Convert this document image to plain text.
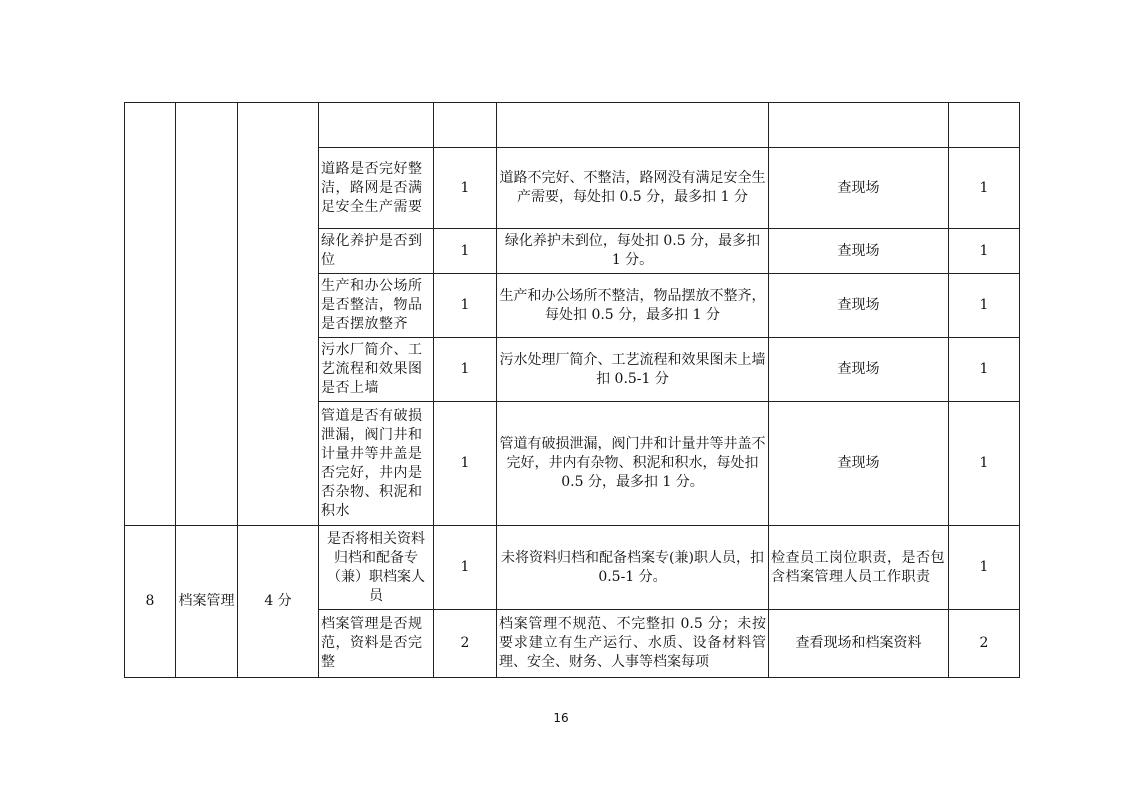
			道路是否完好整洁，路网是否满足安全生产需要	1	道路不完好、不整洁，路网没有满足安全生产需要，每处扣 0.5 分，最多扣 1 分	查现场	1
			绿化养护是否到位	1	绿化养护未到位，每处扣 0.5 分，最多扣 1 分。	查现场	1
			生产和办公场所是否整洁，物品是否摆放整齐	1	生产和办公场所不整洁，物品摆放不整齐，每处扣 0.5 分，最多扣 1 分	查现场	1
			污水厂简介、工艺流程和效果图是否上墙	1	污水处理厂简介、工艺流程和效果图未上墙扣 0.5-1 分	查现场	1
			管道是否有破损泄漏，阀门井和计量井等井盖是否完好，井内是否杂物、积泥和积水	1	管道有破损泄漏，阀门井和计量井等井盖不完好，井内有杂物、积泥和积水，每处扣 0.5 分，最多扣 1 分。	查现场	1
8	档案管理	4 分	是否将相关资料归档和配备专（兼）职档案人员	1	未将资料归档和配备档案专(兼)职人员，扣 0.5-1 分。	检查员工岗位职责，是否包含档案管理人员工作职责	1
			档案管理是否规范，资料是否完整	2	档案管理不规范、不完整扣 0.5 分；未按要求建立有生产运行、水质、设备材料管理、安全、财务、人事等档案每项	查看现场和档案资料	2
16
